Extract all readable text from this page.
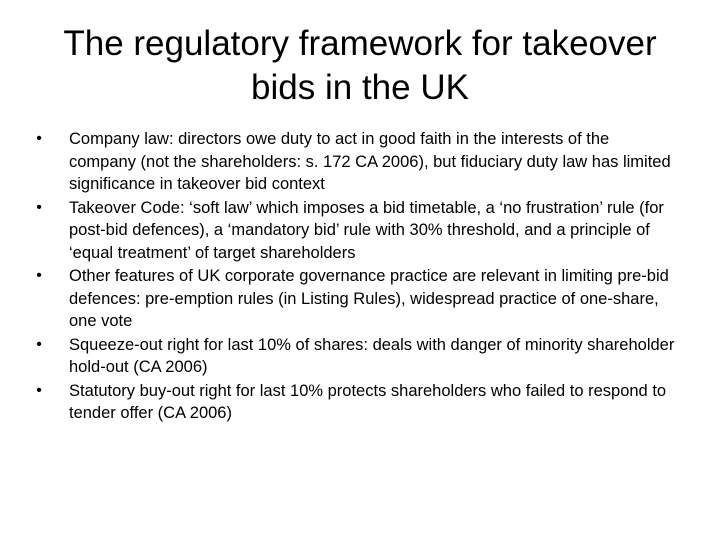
The regulatory framework for takeover bids in the UK
•	Company law: directors owe duty to act in good faith in the interests of the company (not the shareholders: s. 172 CA 2006), but fiduciary duty law has limited significance in takeover bid context
•	Takeover Code: ‘soft law’ which imposes a bid timetable, a ‘no frustration’ rule (for post-bid defences), a ‘mandatory bid’ rule with 30% threshold, and a principle of ‘equal treatment’ of target shareholders
•	Other features of UK corporate governance practice are relevant in limiting pre-bid defences: pre-emption rules (in Listing Rules), widespread practice of one-share, one vote
•	Squeeze-out right for last 10% of shares: deals with danger of minority shareholder hold-out (CA 2006)
•	Statutory buy-out right for last 10% protects shareholders who failed to respond to tender offer (CA 2006)
